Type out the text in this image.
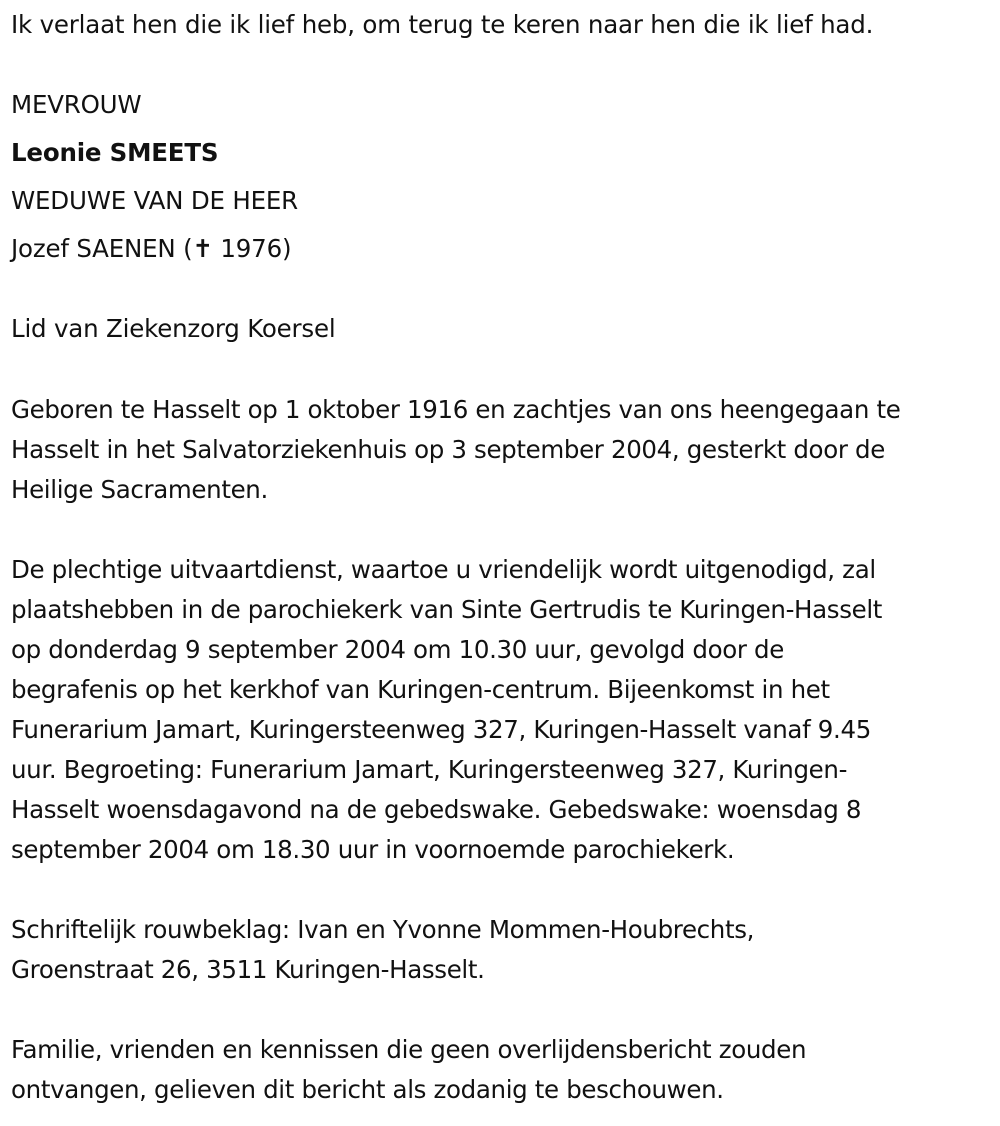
Ik verlaat hen die ik lief heb, om terug te keren naar hen die ik lief had.
MEVROUW
Leonie SMEETS
WEDUWE VAN DE HEER
Jozef SAENEN (✝ 1976)
Lid van Ziekenzorg Koersel
Geboren te Hasselt op 1 oktober 1916 en zachtjes van ons heengegaan te
Hasselt in het Salvatorziekenhuis op 3 september 2004, gesterkt door de
Heilige Sacramenten.
De plechtige uitvaartdienst, waartoe u vriendelijk wordt uitgenodigd, zal
plaatshebben in de parochiekerk van Sinte Gertrudis te Kuringen-Hasselt
op donderdag 9 september 2004 om 10.30 uur, gevolgd door de
begrafenis op het kerkhof van Kuringen-centrum. Bijeenkomst in het
Funerarium Jamart, Kuringersteenweg 327, Kuringen-Hasselt vanaf 9.45
uur. Begroeting: Funerarium Jamart, Kuringersteenweg 327, Kuringen-
Hasselt woensdagavond na de gebedswake. Gebedswake: woensdag 8
september 2004 om 18.30 uur in voornoemde parochiekerk.
Schriftelijk rouwbeklag: Ivan en Yvonne Mommen-Houbrechts,
Groenstraat 26, 3511 Kuringen-Hasselt.
Familie, vrienden en kennissen die geen overlijdensbericht zouden
ontvangen, gelieven dit bericht als zodanig te beschouwen.
